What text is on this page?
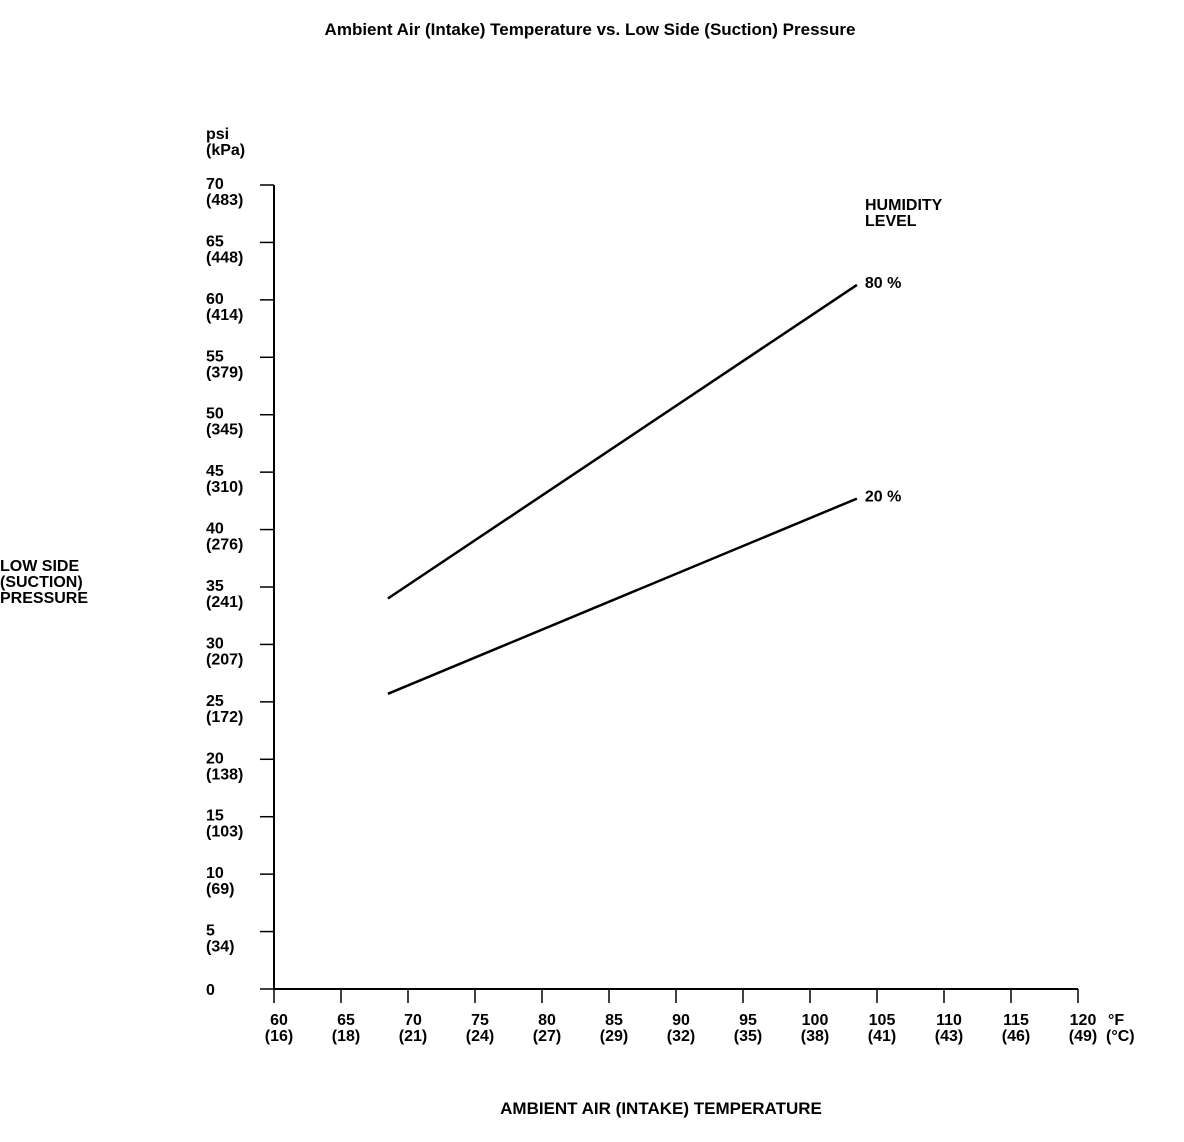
Ambient Air (Intake) Temperature vs. Low Side (Suction) Pressure
psi
(kPa)
LOW SIDE
(SUCTION)
PRESSURE
HUMIDITY
LEVEL
°F
(°C)
AMBIENT AIR (INTAKE) TEMPERATURE
0
5
(34)
10
(69)
15
(103)
20
(138)
25
(172)
30
(207)
35
(241)
40
(276)
45
(310)
50
(345)
55
(379)
60
(414)
65
(448)
70
(483)
60
(16)
65
(18)
70
(21)
75
(24)
80
(27)
85
(29)
90
(32)
95
(35)
100
(38)
105
(41)
110
(43)
115
(46)
120
(49)
80 %
20 %
